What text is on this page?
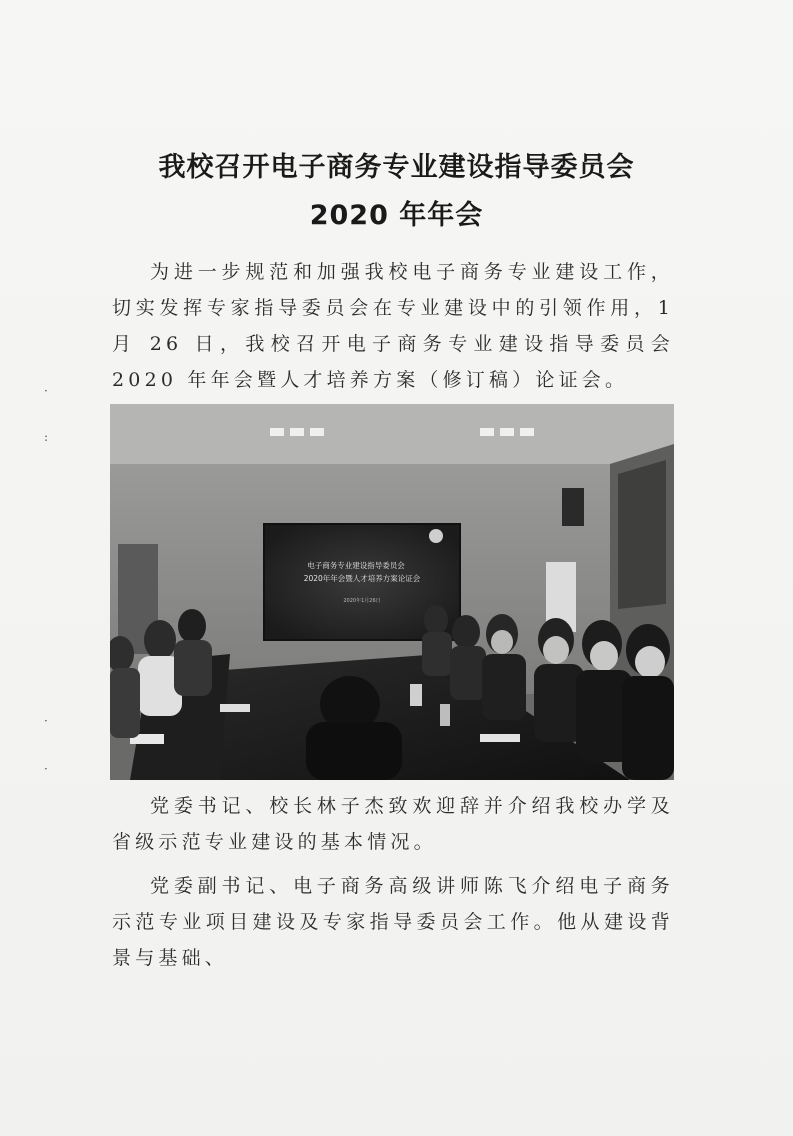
我校召开电子商务专业建设指导委员会
2020 年年会

为进一步规范和加强我校电子商务专业建设工作，切实发挥专家指导委员会在专业建设中的引领作用，1 月 26 日，我校召开电子商务专业建设指导委员会 2020 年年会暨人才培养方案（修订稿）论证会。

电子商务专业建设指导委员会
2020年年会暨人才培养方案论证会
2020年1月26日

党委书记、校长林子杰致欢迎辞并介绍我校办学及省级示范专业建设的基本情况。

党委副书记、电子商务高级讲师陈飞介绍电子商务示范专业项目建设及专家指导委员会工作。他从建设背景与基础、

·
:
·
·
